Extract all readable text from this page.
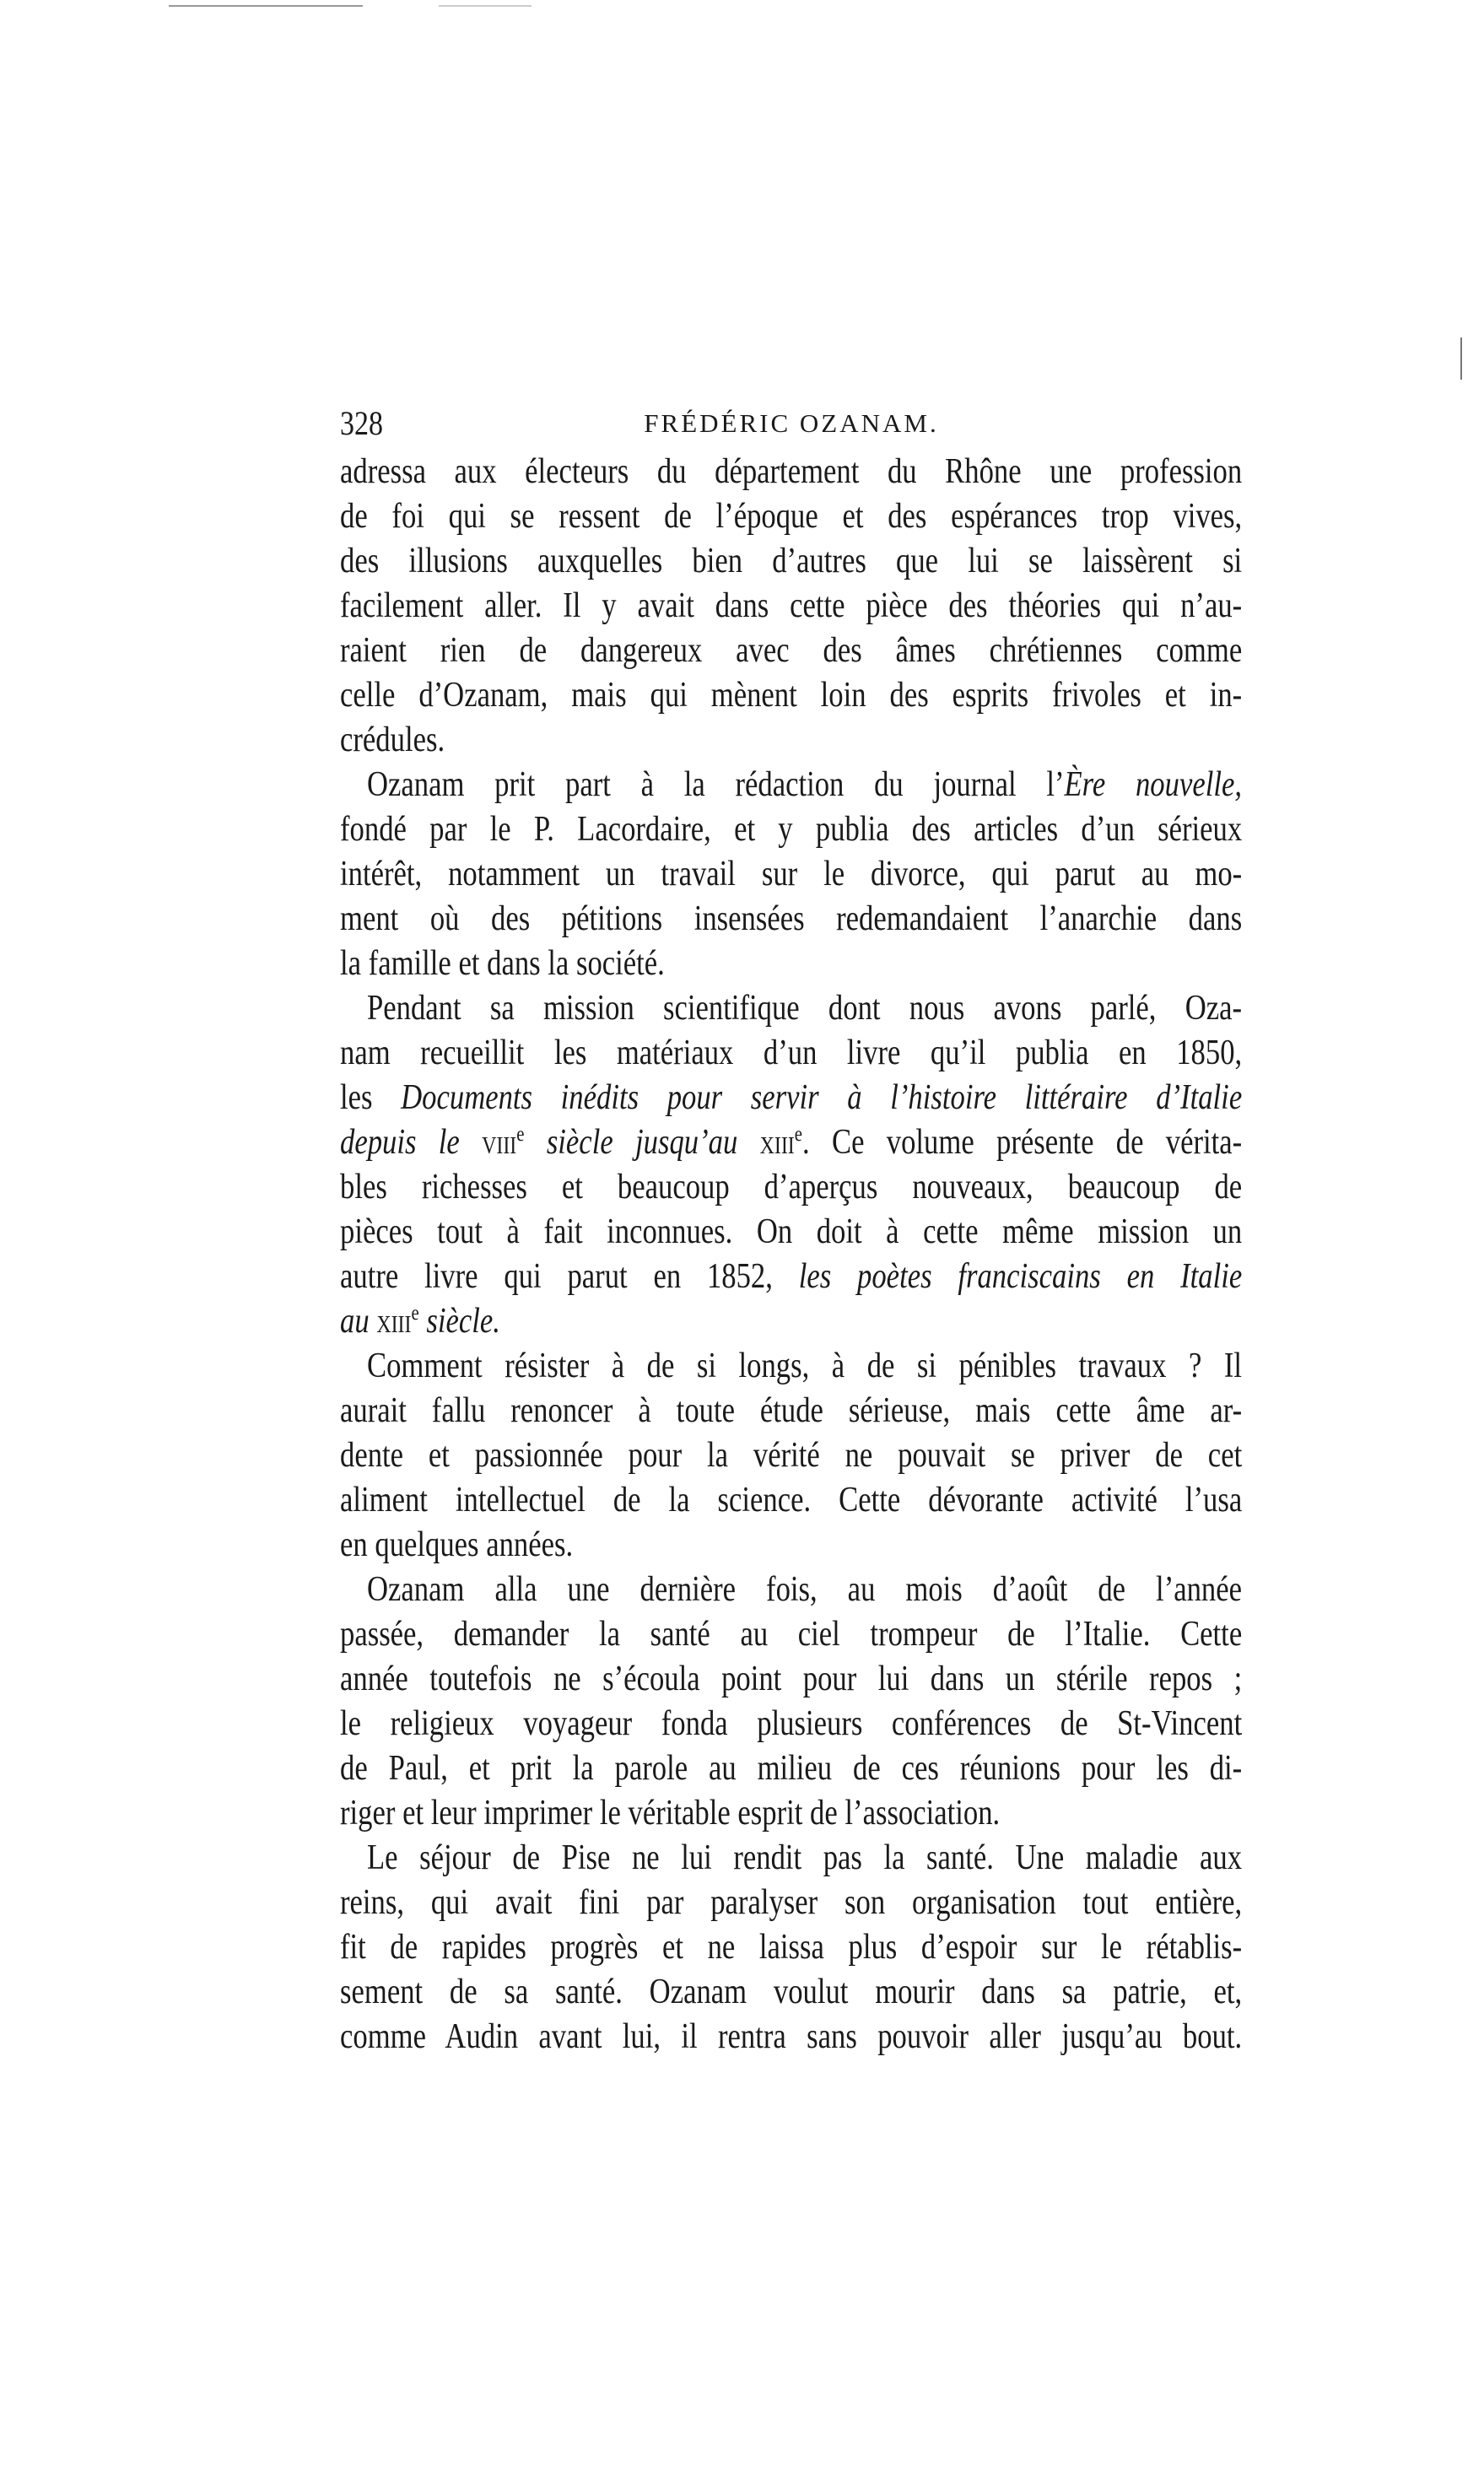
328	FRÉDÉRIC OZANAM.
adressa aux électeurs du département du Rhône une profession
de foi qui se ressent de l’époque et des espérances trop vives,
des illusions auxquelles bien d’autres que lui se laissèrent si
facilement aller. Il y avait dans cette pièce des théories qui n’au-
raient rien de dangereux avec des âmes chrétiennes comme
celle d’Ozanam, mais qui mènent loin des esprits frivoles et in-
crédules.
Ozanam prit part à la rédaction du journal l’Ère nouvelle,
fondé par le P. Lacordaire, et y publia des articles d’un sérieux
intérêt, notamment un travail sur le divorce, qui parut au mo-
ment où des pétitions insensées redemandaient l’anarchie dans
la famille et dans la société.
Pendant sa mission scientifique dont nous avons parlé, Oza-
nam recueillit les matériaux d’un livre qu’il publia en 1850,
les Documents inédits pour servir à l’histoire littéraire d’Italie
depuis le viii$^e$ siècle jusqu’au xiii$^e$. Ce volume présente de vérita-
bles richesses et beaucoup d’aperçus nouveaux, beaucoup de
pièces tout à fait inconnues. On doit à cette même mission un
autre livre qui parut en 1852, les poètes franciscains en Italie
au xiii$^e$ siècle.
Comment résister à de si longs, à de si pénibles travaux ? Il
aurait fallu renoncer à toute étude sérieuse, mais cette âme ar-
dente et passionnée pour la vérité ne pouvait se priver de cet
aliment intellectuel de la science. Cette dévorante activité l’usa
en quelques années.
Ozanam alla une dernière fois, au mois d’août de l’année
passée, demander la santé au ciel trompeur de l’Italie. Cette
année toutefois ne s’écoula point pour lui dans un stérile repos ;
le religieux voyageur fonda plusieurs conférences de St-Vincent
de Paul, et prit la parole au milieu de ces réunions pour les di-
riger et leur imprimer le véritable esprit de l’association.
Le séjour de Pise ne lui rendit pas la santé. Une maladie aux
reins, qui avait fini par paralyser son organisation tout entière,
fit de rapides progrès et ne laissa plus d’espoir sur le rétablis-
sement de sa santé. Ozanam voulut mourir dans sa patrie, et,
comme Audin avant lui, il rentra sans pouvoir aller jusqu’au bout.
